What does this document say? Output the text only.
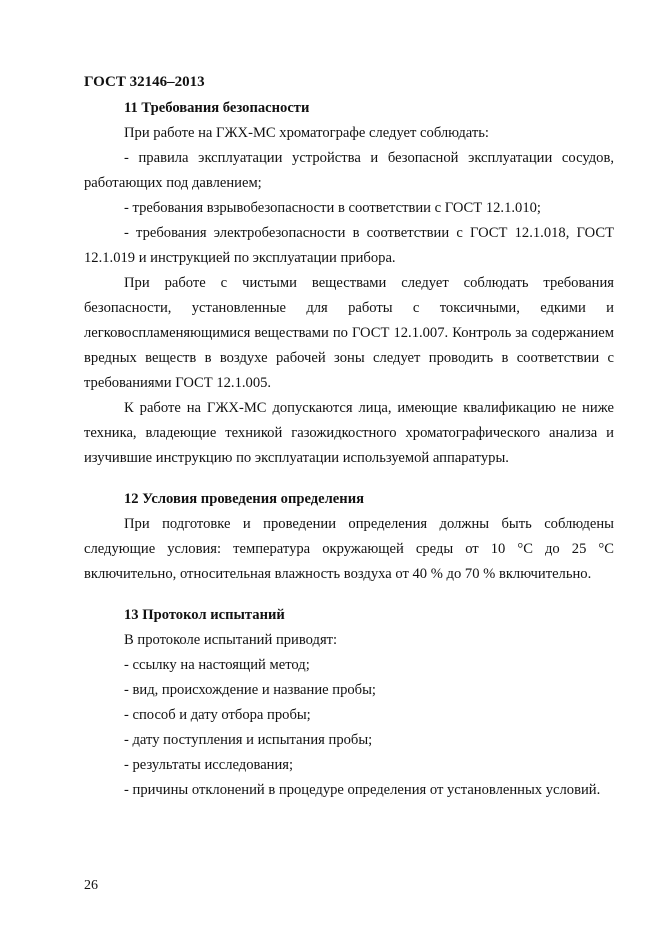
ГОСТ 32146–2013
11 Требования безопасности

При работе на ГЖХ-МС хроматографе следует соблюдать:

- правила эксплуатации устройства и безопасной эксплуатации сосудов, работающих под давлением;

- требования взрывобезопасности в соответствии с ГОСТ 12.1.010;

- требования электробезопасности в соответствии с ГОСТ 12.1.018, ГОСТ 12.1.019 и инструкцией по эксплуатации прибора.

При работе с чистыми веществами следует соблюдать требования безопасности, установленные для работы с токсичными, едкими и легковоспламеняющимися веществами по ГОСТ 12.1.007. Контроль за содержанием вредных веществ в воздухе рабочей зоны следует проводить в соответствии с требованиями ГОСТ 12.1.005.

К работе на ГЖХ-МС допускаются лица, имеющие квалификацию не ниже техника, владеющие техникой газожидкостного хроматографического анализа и изучившие инструкцию по эксплуатации используемой аппаратуры.

12 Условия проведения определения

При подготовке и проведении определения должны быть соблюдены следующие условия: температура окружающей среды от 10 °С до 25 °С включительно, относительная влажность воздуха от 40 % до 70 % включительно.

13 Протокол испытаний

В протоколе испытаний приводят:

- ссылку на настоящий метод;

- вид, происхождение и название пробы;

- способ и дату отбора пробы;

- дату поступления и испытания пробы;

- результаты исследования;

- причины отклонений в процедуре определения от установленных условий.

26
